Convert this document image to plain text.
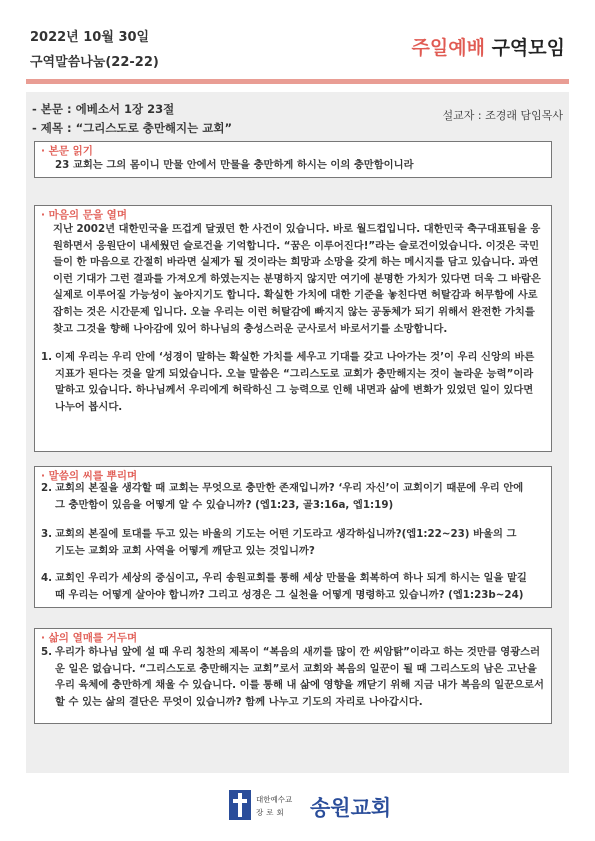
2022년 10월 30일
구역말씀나눔(22-22)
주일예배 구역모임
- 본문 : 에베소서 1장 23절
- 제목 : “그리스도로 충만해지는 교회”
설교자 : 조경래 담임목사
· 본문 읽기
23 교회는 그의 몸이니 만물 안에서 만물을 충만하게 하시는 이의 충만함이니라
· 마음의 문을 열며
지난 2002년 대한민국을 뜨겁게 달궜던 한 사건이 있습니다. 바로 월드컵입니다. 대한민국 축구대표팀을 응
원하면서 응원단이 내세웠던 슬로건을 기억합니다. “꿈은 이루어진다!”라는 슬로건이었습니다. 이것은 국민
들이 한 마음으로 간절히 바라면 실제가 될 것이라는 희망과 소망을 갖게 하는 메시지를 담고 있습니다. 과연
이런 기대가 그런 결과를 가져오게 하였는지는 분명하지 않지만 여기에 분명한 가치가 있다면 더욱 그 바람은
실제로 이루어질 가능성이 높아지기도 합니다. 확실한 가치에 대한 기준을 놓친다면 허탈감과 허무함에 사로
잡히는 것은 시간문제 입니다. 오늘 우리는 이런 허탈감에 빠지지 않는 공동체가 되기 위해서 완전한 가치를
찾고 그것을 향해 나아감에 있어 하나님의 충성스러운 군사로서 바로서기를 소망합니다.
1. 이제 우리는 우리 안에 ‘성경이 말하는 확실한 가치를 세우고 기대를 갖고 나아가는 것’이 우리 신앙의 바른
지표가 된다는 것을 알게 되었습니다. 오늘 말씀은 “그리스도로 교회가 충만해지는 것이 놀라운 능력”이라
말하고 있습니다. 하나님께서 우리에게 허락하신 그 능력으로 인해 내면과 삶에 변화가 있었던 일이 있다면
나누어 봅시다.
· 말씀의 씨를 뿌리며
2. 교회의 본질을 생각할 때 교회는 무엇으로 충만한 존재입니까? ‘우리 자신’이 교회이기 때문에 우리 안에
그 충만함이 있음을 어떻게 알 수 있습니까? (엡1:23, 골3:16a, 엡1:19)
3. 교회의 본질에 토대를 두고 있는 바울의 기도는 어떤 기도라고 생각하십니까?(엡1:22~23) 바울의 그
기도는 교회와 교회 사역을 어떻게 깨닫고 있는 것입니까?
4. 교회인 우리가 세상의 중심이고, 우리 송원교회를 통해 세상 만물을 회복하여 하나 되게 하시는 일을 맡길
때 우리는 어떻게 살아야 합니까? 그리고 성경은 그 실천을 어떻게 명령하고 있습니까? (엡1:23b~24)
· 삶의 열매를 거두며
5. 우리가 하나님 앞에 설 때 우리 칭찬의 제목이 “복음의 새끼를 많이 깐 씨암탉”이라고 하는 것만큼 영광스러
운 일은 없습니다. “그리스도로 충만해지는 교회”로서 교회와 복음의 일꾼이 될 때 그리스도의 남은 고난을
우리 육체에 충만하게 채울 수 있습니다. 이를 통해 내 삶에 영향을 깨닫기 위해 지금 내가 복음의 일꾼으로서
할 수 있는 삶의 결단은 무엇이 있습니까? 함께 나누고 기도의 자리로 나아갑시다.
대한예수교
장로회 송원교회
